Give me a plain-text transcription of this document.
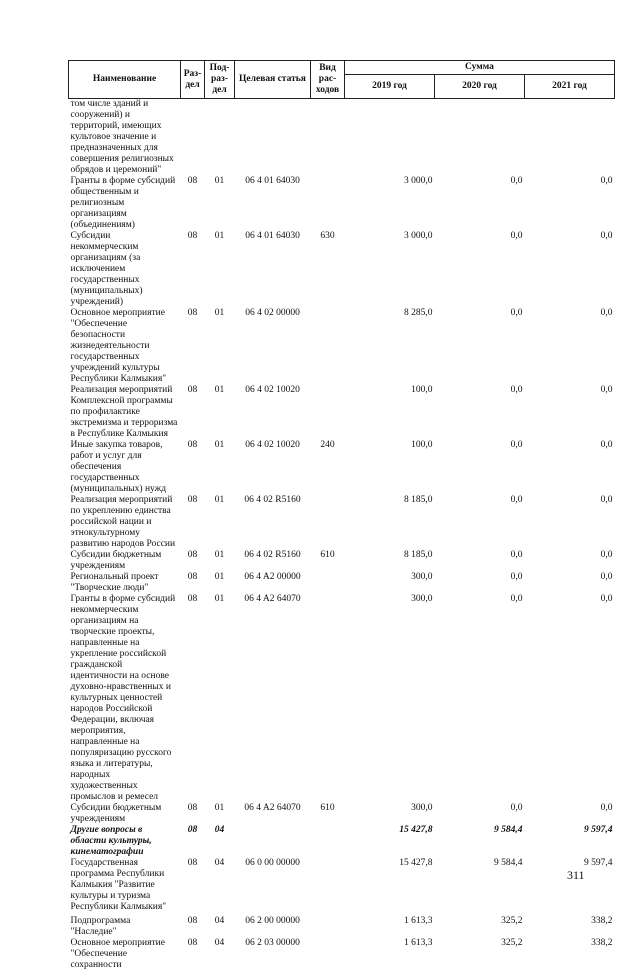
Наименование	Раз-дел	Под-раз-дел	Целевая статья	Вид рас-ходов	Сумма		
					2019 год	2020 год	2021 год
том числе зданий и сооружений) и территорий, имеющих культовое значение и предназначенных для совершения религиозных обрядов и церемоний"							
Гранты в форме субсидий общественным и религиозным организациям (объединениям)	08	01	06 4 01 64030		3 000,0	0,0	0,0
Субсидии некоммерческим организациям (за исключением государственных (муниципальных) учреждений)	08	01	06 4 01 64030	630	3 000,0	0,0	0,0
Основное мероприятие "Обеспечение безопасности жизнедеятельности государственных учреждений культуры Республики Калмыкия"	08	01	06 4 02 00000		8 285,0	0,0	0,0
Реализация мероприятий Комплексной программы по профилактике экстремизма и терроризма в Республике Калмыкия	08	01	06 4 02 10020		100,0	0,0	0,0
Иные закупка товаров, работ и услуг для обеспечения государственных (муниципальных) нужд	08	01	06 4 02 10020	240	100,0	0,0	0,0
Реализация мероприятий по укреплению единства российской нации и этнокультурному развитию народов России	08	01	06 4 02 R5160		8 185,0	0,0	0,0
Субсидии бюджетным учреждениям	08	01	06 4 02 R5160	610	8 185,0	0,0	0,0
Региональный проект "Творческие люди"	08	01	06 4 A2 00000		300,0	0,0	0,0
Гранты в форме субсидий некоммерческим организациям на творческие проекты, направленные на укрепление российской гражданской идентичности на основе духовно-нравственных и культурных ценностей народов Российской Федерации, включая мероприятия, направленные на популяризацию русского языка и литературы, народных художественных промыслов и ремесел	08	01	06 4 A2 64070		300,0	0,0	0,0
Субсидии бюджетным учреждениям	08	01	06 4 A2 64070	610	300,0	0,0	0,0
Другие вопросы в области культуры, кинематографии	08	04			15 427,8	9 584,4	9 597,4
Государственная программа Республики Калмыкия "Развитие культуры и туризма Республики Калмыкия"	08	04	06 0 00 00000		15 427,8	9 584,4	9 597,4
Подпрограмма "Наследие"	08	04	06 2 00 00000		1 613,3	325,2	338,2
Основное мероприятие "Обеспечение сохранности	08	04	06 2 03 00000		1 613,3	325,2	338,2
311
